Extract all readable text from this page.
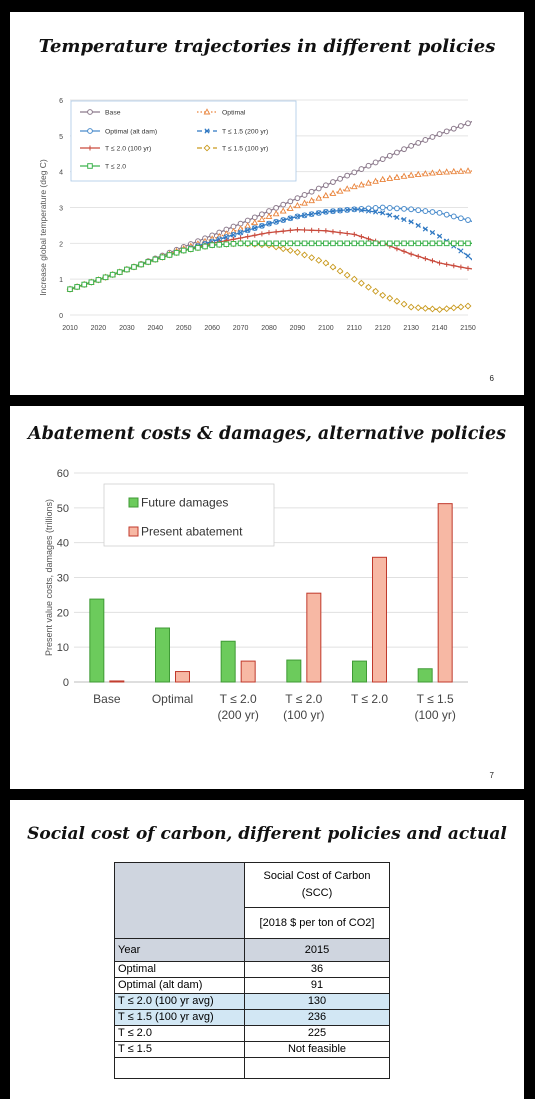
Temperature trajectories in different policies
0
1
2
3
4
5
6
2010 2020 2030 2040 2050 2060 2070 2080 2090 2100 2110 2120 2130 2140 2150
Increase global temperature (deg C)
Base	Optimal
Optimal (alt dam)	T ≤ 1.5 (200 yr)
T ≤ 2.0 (100 yr)	T ≤ 1.5 (100 yr)
T ≤ 2.0
6
Abatement costs & damages, alternative policies
0
10
20
30
40
50
60
Present value costs, damages (trillions)
Base	Optimal T ≤ 2.0
(200 yr)
T ≤ 2.0
(100 yr)
T ≤ 2.0 T ≤ 1.5
(100 yr)
Future damages
Present abatement
7
Social cost of carbon, different policies and actual

	Social Cost of Carbon
(SCC)

	[2018 $ per ton of CO2]
Year	2015
Optimal	36
Optimal (alt dam)	91
T ≤ 2.0 (100 yr avg)	130
T ≤ 1.5 (100 yr avg)	236
T ≤ 2.0	225
T ≤ 1.5	Not feasible
